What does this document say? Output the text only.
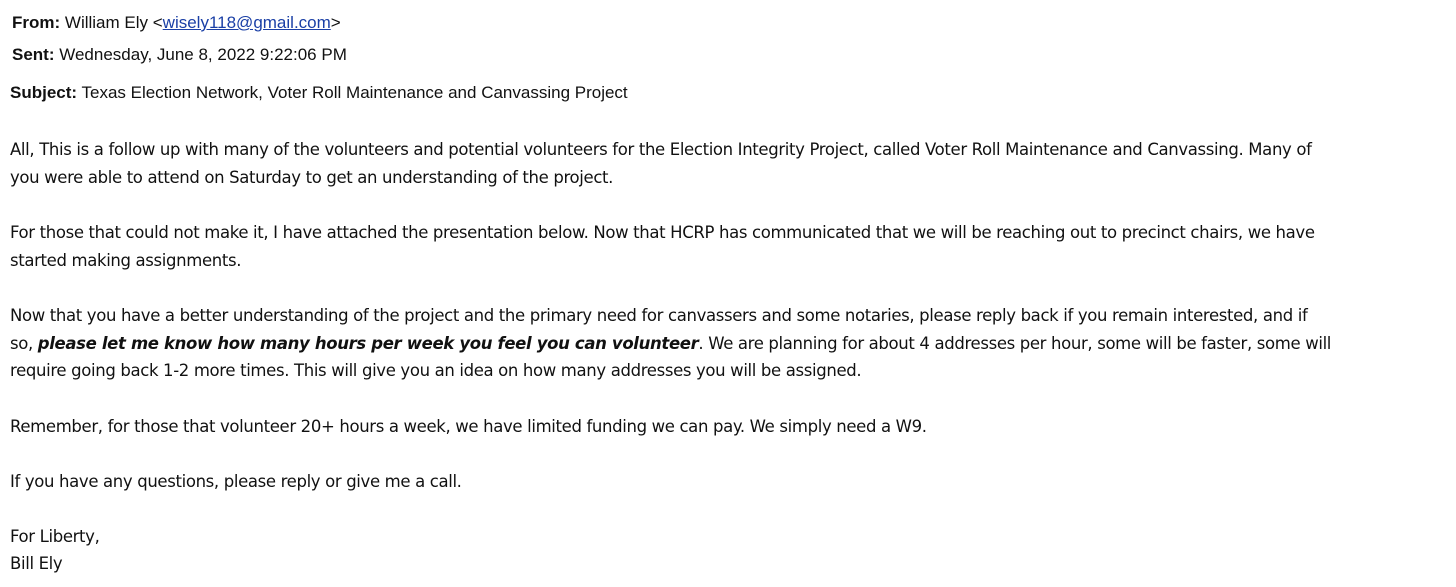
From: William Ely <wisely118@gmail.com>
Sent: Wednesday, June 8, 2022 9:22:06 PM
Subject: Texas Election Network, Voter Roll Maintenance and Canvassing Project
All, This is a follow up with many of the volunteers and potential volunteers for the Election Integrity Project, called Voter Roll Maintenance and Canvassing. Many of
you were able to attend on Saturday to get an understanding of the project.
For those that could not make it, I have attached the presentation below. Now that HCRP has communicated that we will be reaching out to precinct chairs, we have
started making assignments.
Now that you have a better understanding of the project and the primary need for canvassers and some notaries, please reply back if you remain interested, and if
so, please let me know how many hours per week you feel you can volunteer. We are planning for about 4 addresses per hour, some will be faster, some will
require going back 1-2 more times. This will give you an idea on how many addresses you will be assigned.
Remember, for those that volunteer 20+ hours a week, we have limited funding we can pay. We simply need a W9.
If you have any questions, please reply or give me a call.
For Liberty,
Bill Ely
